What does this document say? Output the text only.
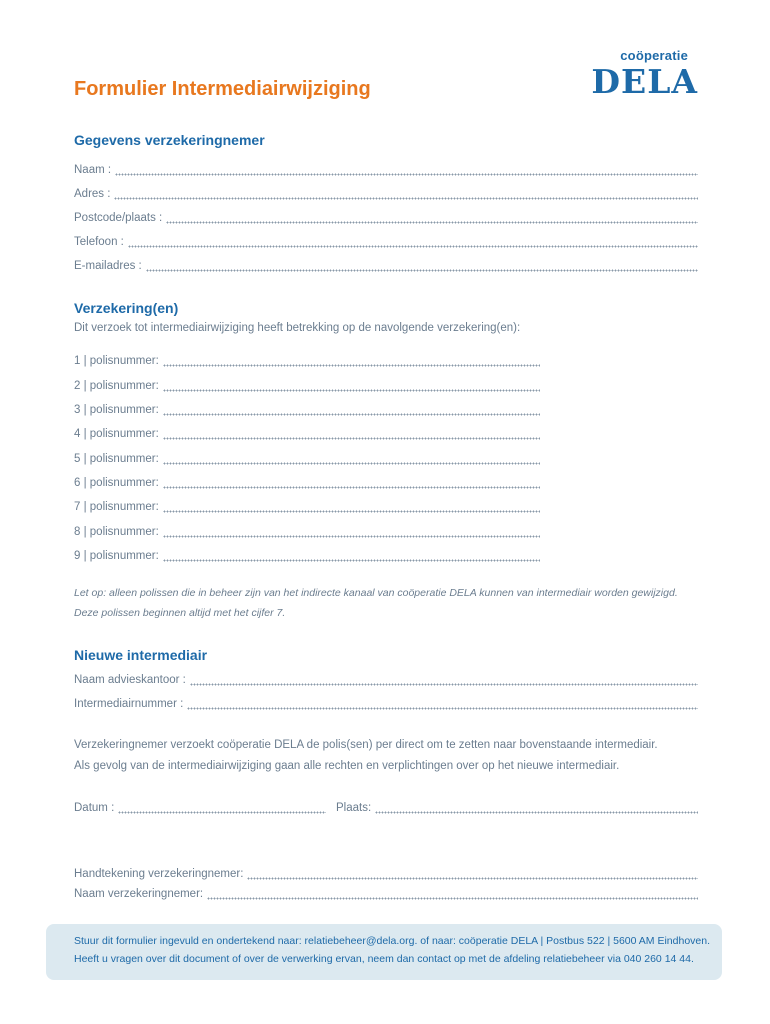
coöperatie
DELA
Formulier Intermediairwijziging
Gegevens verzekeringnemer
Naam :
Adres :
Postcode/plaats :
Telefoon :
E-mailadres :
Verzekering(en)
Dit verzoek tot intermediairwijziging heeft betrekking op de navolgende verzekering(en):
1 | polisnummer:
2 | polisnummer:
3 | polisnummer:
4 | polisnummer:
5 | polisnummer:
6 | polisnummer:
7 | polisnummer:
8 | polisnummer:
9 | polisnummer:
Let op: alleen polissen die in beheer zijn van het indirecte kanaal van coöperatie DELA kunnen van intermediair worden gewijzigd.
Deze polissen beginnen altijd met het cijfer 7.
Nieuwe intermediair
Naam advieskantoor :
Intermediairnummer :
Verzekeringnemer verzoekt coöperatie DELA de polis(sen) per direct om te zetten naar bovenstaande intermediair.
Als gevolg van de intermediairwijziging gaan alle rechten en verplichtingen over op het nieuwe intermediair.
Datum :	Plaats:
Handtekening verzekeringnemer:
Naam verzekeringnemer:
Stuur dit formulier ingevuld en ondertekend naar: relatiebeheer@dela.org. of naar: coöperatie DELA | Postbus 522 | 5600 AM Eindhoven.
Heeft u vragen over dit document of over de verwerking ervan, neem dan contact op met de afdeling relatiebeheer via 040 260 14 44.
